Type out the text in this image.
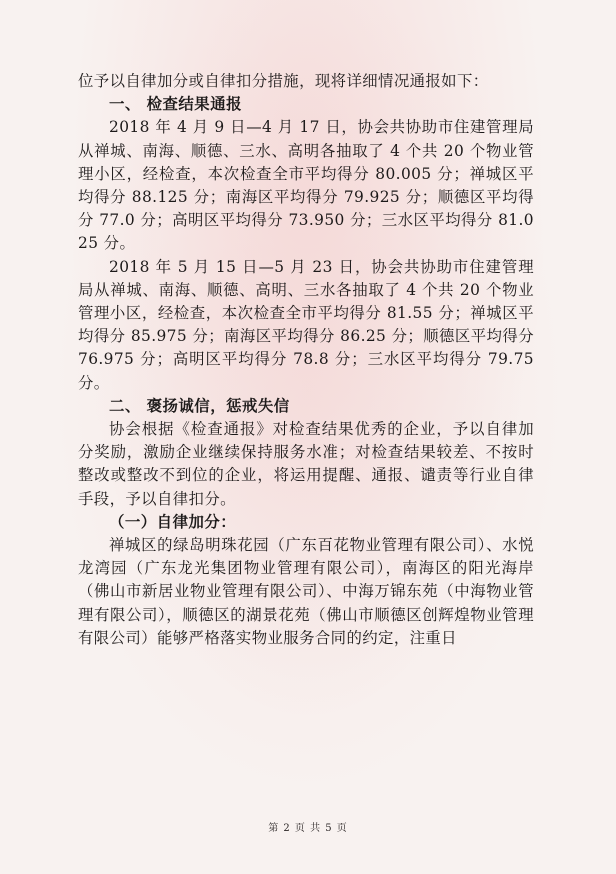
位予以自律加分或自律扣分措施，现将详细情况通报如下：

一、 检查结果通报

2018 年 4 月 9 日—4 月 17 日，协会共协助市住建管理局从禅城、南海、顺德、三水、高明各抽取了 4 个共 20 个物业管理小区，经检查，本次检查全市平均得分 80.005 分；禅城区平均得分 88.125 分；南海区平均得分 79.925 分；顺德区平均得分 77.0 分；高明区平均得分 73.950 分；三水区平均得分 81.025 分。

2018 年 5 月 15 日—5 月 23 日，协会共协助市住建管理局从禅城、南海、顺德、高明、三水各抽取了 4 个共 20 个物业管理小区，经检查，本次检查全市平均得分 81.55 分；禅城区平均得分 85.975 分；南海区平均得分 86.25 分；顺德区平均得分 76.975 分；高明区平均得分 78.8 分；三水区平均得分 79.75 分。

二、 褒扬诚信，惩戒失信

协会根据《检查通报》对检查结果优秀的企业，予以自律加分奖励，激励企业继续保持服务水准；对检查结果较差、不按时整改或整改不到位的企业，将运用提醒、通报、谴责等行业自律手段，予以自律扣分。

（一）自律加分：

禅城区的绿岛明珠花园（广东百花物业管理有限公司）、水悦龙湾园（广东龙光集团物业管理有限公司），南海区的阳光海岸（佛山市新居业物业管理有限公司）、中海万锦东苑（中海物业管理有限公司），顺德区的湖景花苑（佛山市顺德区创辉煌物业管理有限公司）能够严格落实物业服务合同的约定，注重日

第 2 页 共 5 页
